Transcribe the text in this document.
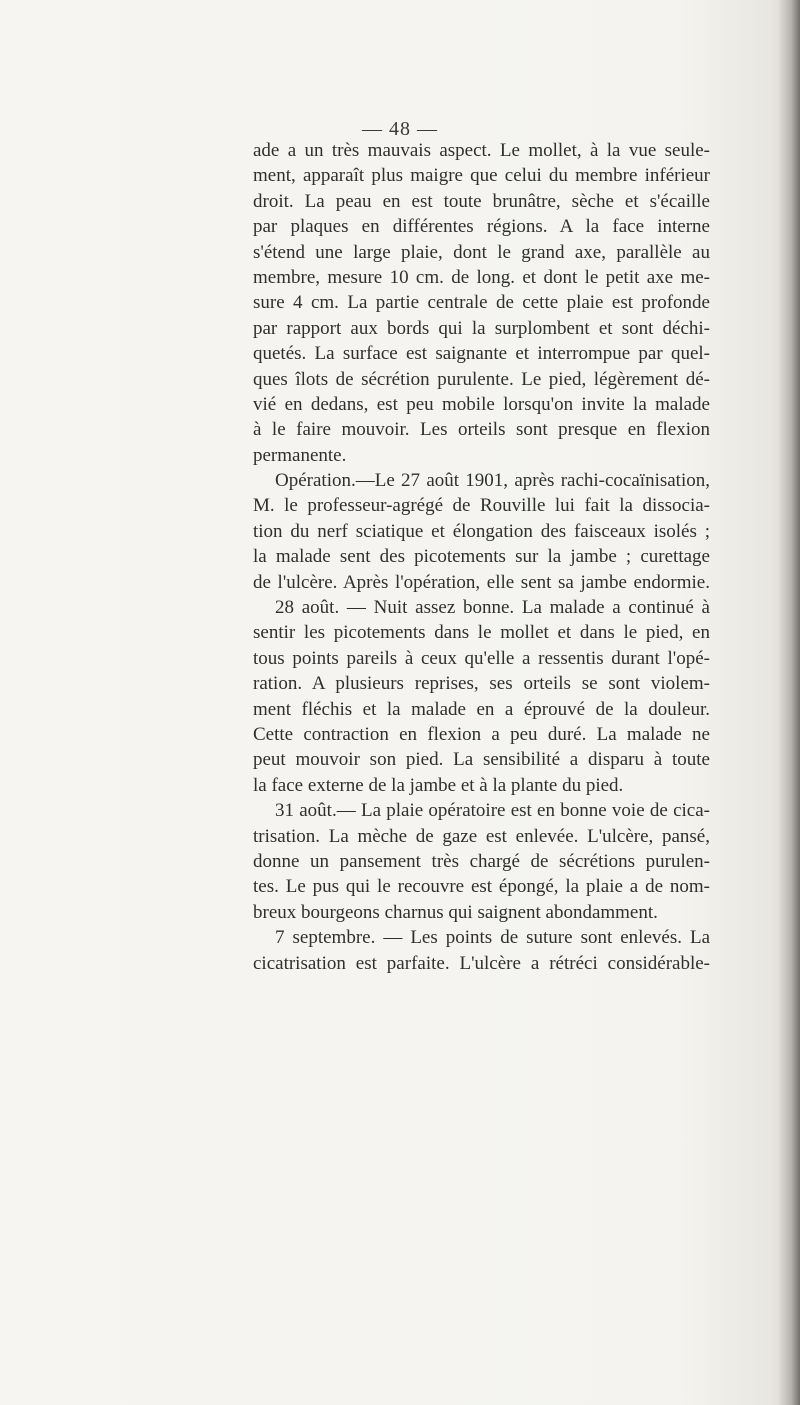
— 48 —
ade a un très mauvais aspect. Le mollet, à la vue seule-
ment, apparaît plus maigre que celui du membre inférieur
droit. La peau en est toute brunâtre, sèche et s'écaille
par plaques en différentes régions. A la face interne
s'étend une large plaie, dont le grand axe, parallèle au
membre, mesure 10 cm. de long. et dont le petit axe me-
sure 4 cm. La partie centrale de cette plaie est profonde
par rapport aux bords qui la surplombent et sont déchi-
quetés. La surface est saignante et interrompue par quel-
ques îlots de sécrétion purulente. Le pied, légèrement dé-
vié en dedans, est peu mobile lorsqu'on invite la malade
à le faire mouvoir. Les orteils sont presque en flexion
permanente.
Opération.—Le 27 août 1901, après rachi-cocaïnisation,
M. le professeur-agrégé de Rouville lui fait la dissocia-
tion du nerf sciatique et élongation des faisceaux isolés ;
la malade sent des picotements sur la jambe ; curettage
de l'ulcère. Après l'opération, elle sent sa jambe endormie.
28 août. — Nuit assez bonne. La malade a continué à
sentir les picotements dans le mollet et dans le pied, en
tous points pareils à ceux qu'elle a ressentis durant l'opé-
ration. A plusieurs reprises, ses orteils se sont violem-
ment fléchis et la malade en a éprouvé de la douleur.
Cette contraction en flexion a peu duré. La malade ne
peut mouvoir son pied. La sensibilité a disparu à toute
la face externe de la jambe et à la plante du pied.
31 août.— La plaie opératoire est en bonne voie de cica-
trisation. La mèche de gaze est enlevée. L'ulcère, pansé,
donne un pansement très chargé de sécrétions purulen-
tes. Le pus qui le recouvre est épongé, la plaie a de nom-
breux bourgeons charnus qui saignent abondamment.
7 septembre. — Les points de suture sont enlevés. La
cicatrisation est parfaite. L'ulcère a rétréci considérable-
